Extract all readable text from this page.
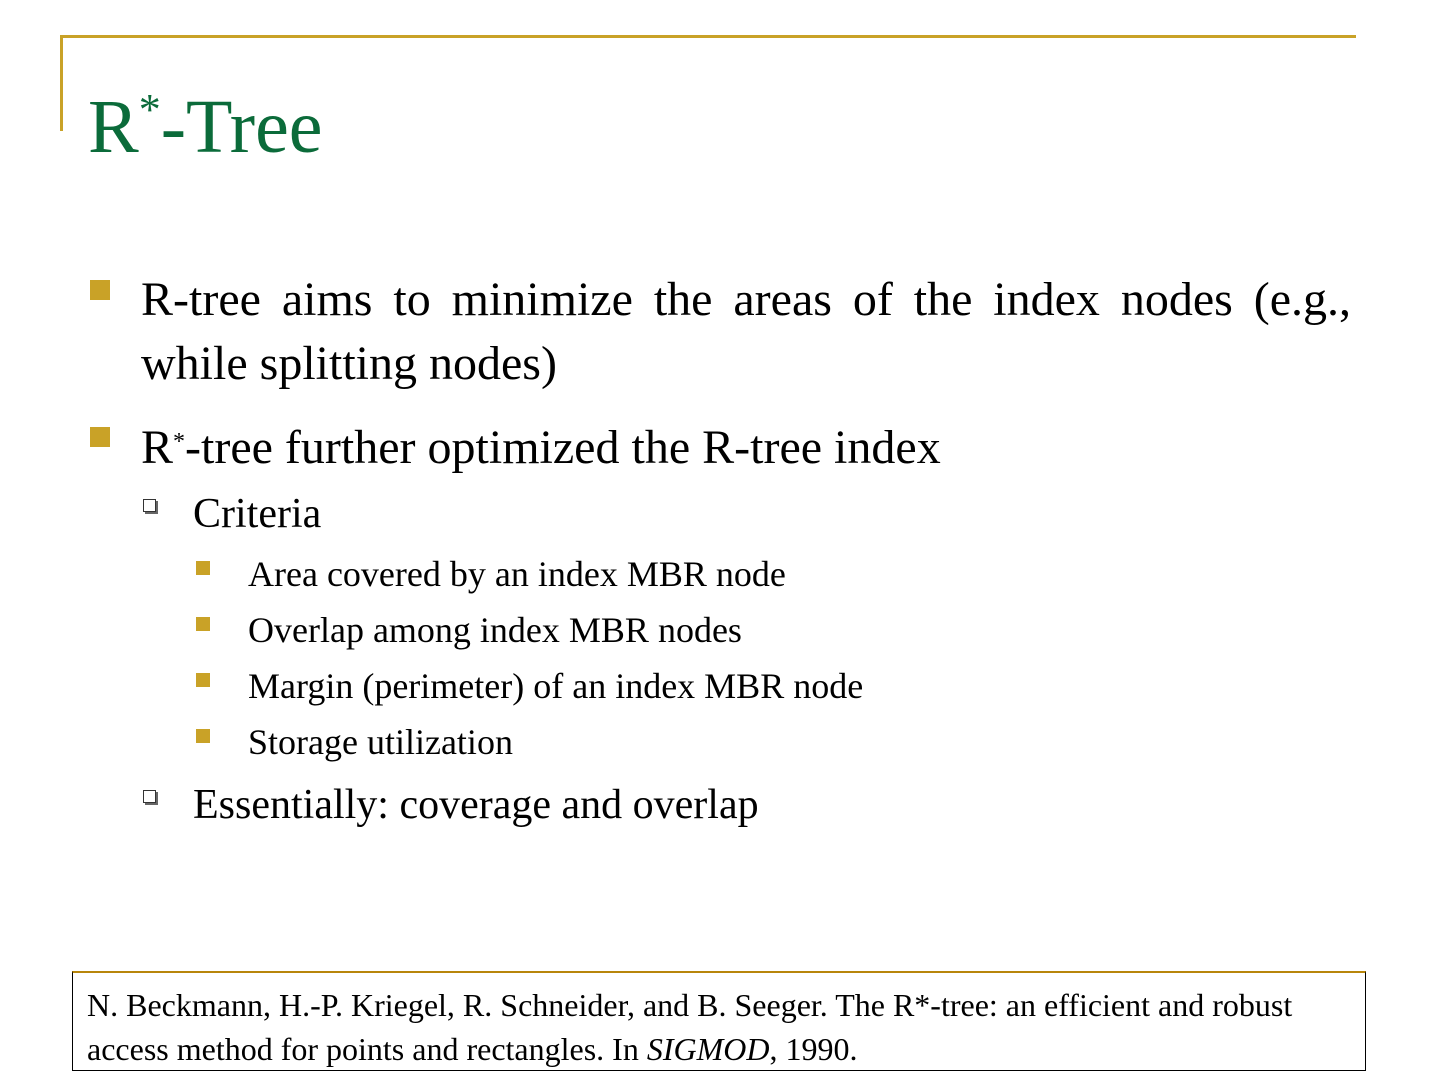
R*-Tree

R-tree aims to minimize the areas of the index nodes (e.g., while splitting nodes)

R*-tree further optimized the R-tree index

Criteria

Area covered by an index MBR node

Overlap among index MBR nodes

Margin (perimeter) of an index MBR node

Storage utilization

Essentially: coverage and overlap

N. Beckmann, H.-P. Kriegel, R. Schneider, and B. Seeger. The R*-tree: an efficient and robust access method for points and rectangles. In SIGMOD, 1990.
